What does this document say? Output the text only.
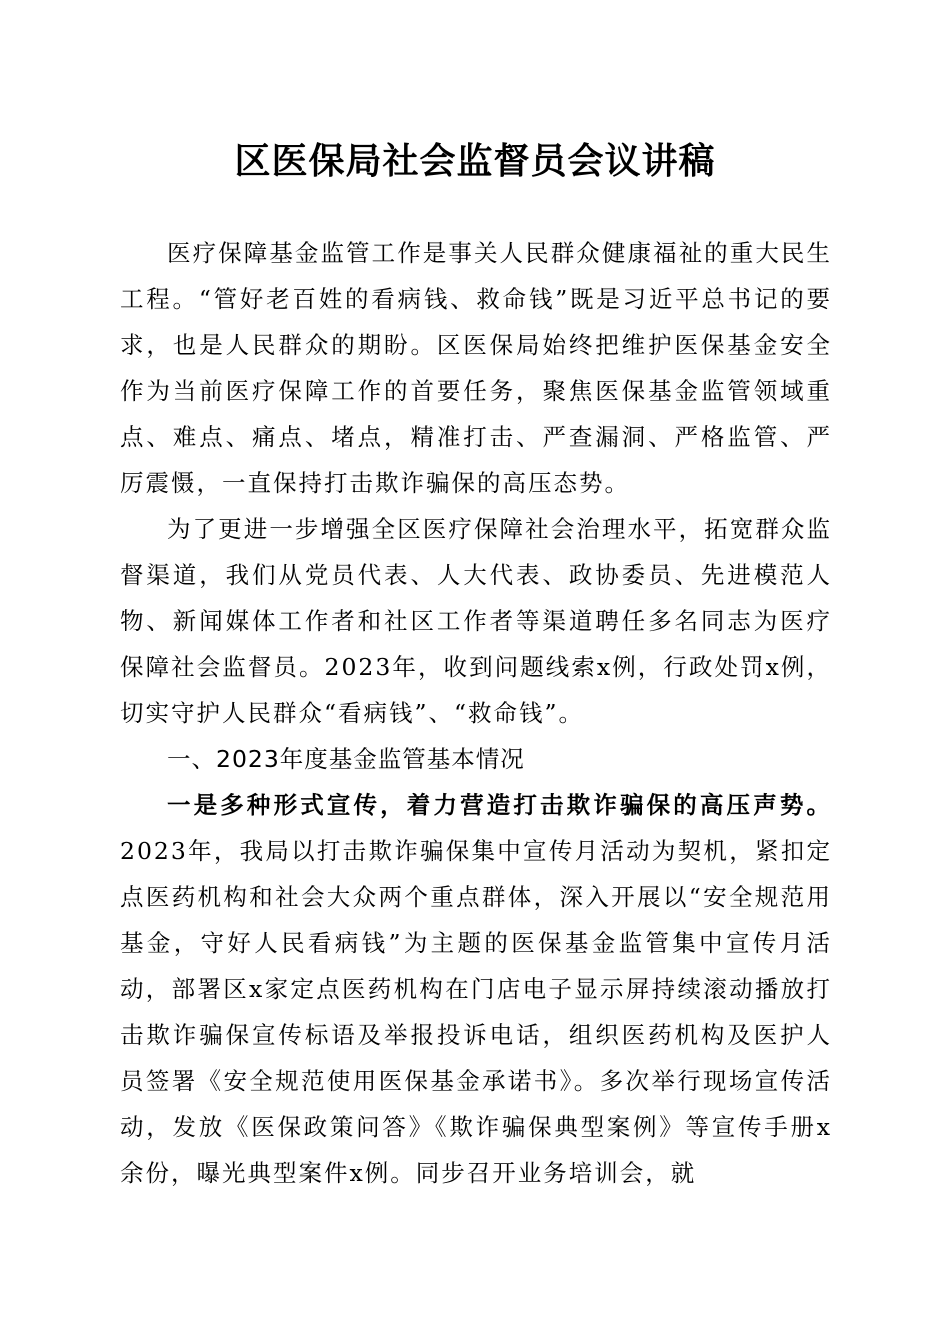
区医保局社会监督员会议讲稿

医疗保障基金监管工作是事关人民群众健康福祉的重大民生工程。“管好老百姓的看病钱、救命钱”既是习近平总书记的要求，也是人民群众的期盼。区医保局始终把维护医保基金安全作为当前医疗保障工作的首要任务，聚焦医保基金监管领域重点、难点、痛点、堵点，精准打击、严查漏洞、严格监管、严厉震慑，一直保持打击欺诈骗保的高压态势。

为了更进一步增强全区医疗保障社会治理水平，拓宽群众监督渠道，我们从党员代表、人大代表、政协委员、先进模范人物、新闻媒体工作者和社区工作者等渠道聘任多名同志为医疗保障社会监督员。2023年，收到问题线索x例，行政处罚x例，切实守护人民群众“看病钱”、“救命钱”。

一、2023年度基金监管基本情况

一是多种形式宣传，着力营造打击欺诈骗保的高压声势。2023年，我局以打击欺诈骗保集中宣传月活动为契机，紧扣定点医药机构和社会大众两个重点群体，深入开展以“安全规范用基金，守好人民看病钱”为主题的医保基金监管集中宣传月活动，部署区x家定点医药机构在门店电子显示屏持续滚动播放打击欺诈骗保宣传标语及举报投诉电话，组织医药机构及医护人员签署《安全规范使用医保基金承诺书》。多次举行现场宣传活动，发放《医保政策问答》《欺诈骗保典型案例》等宣传手册x余份，曝光典型案件x例。同步召开业务培训会，就
